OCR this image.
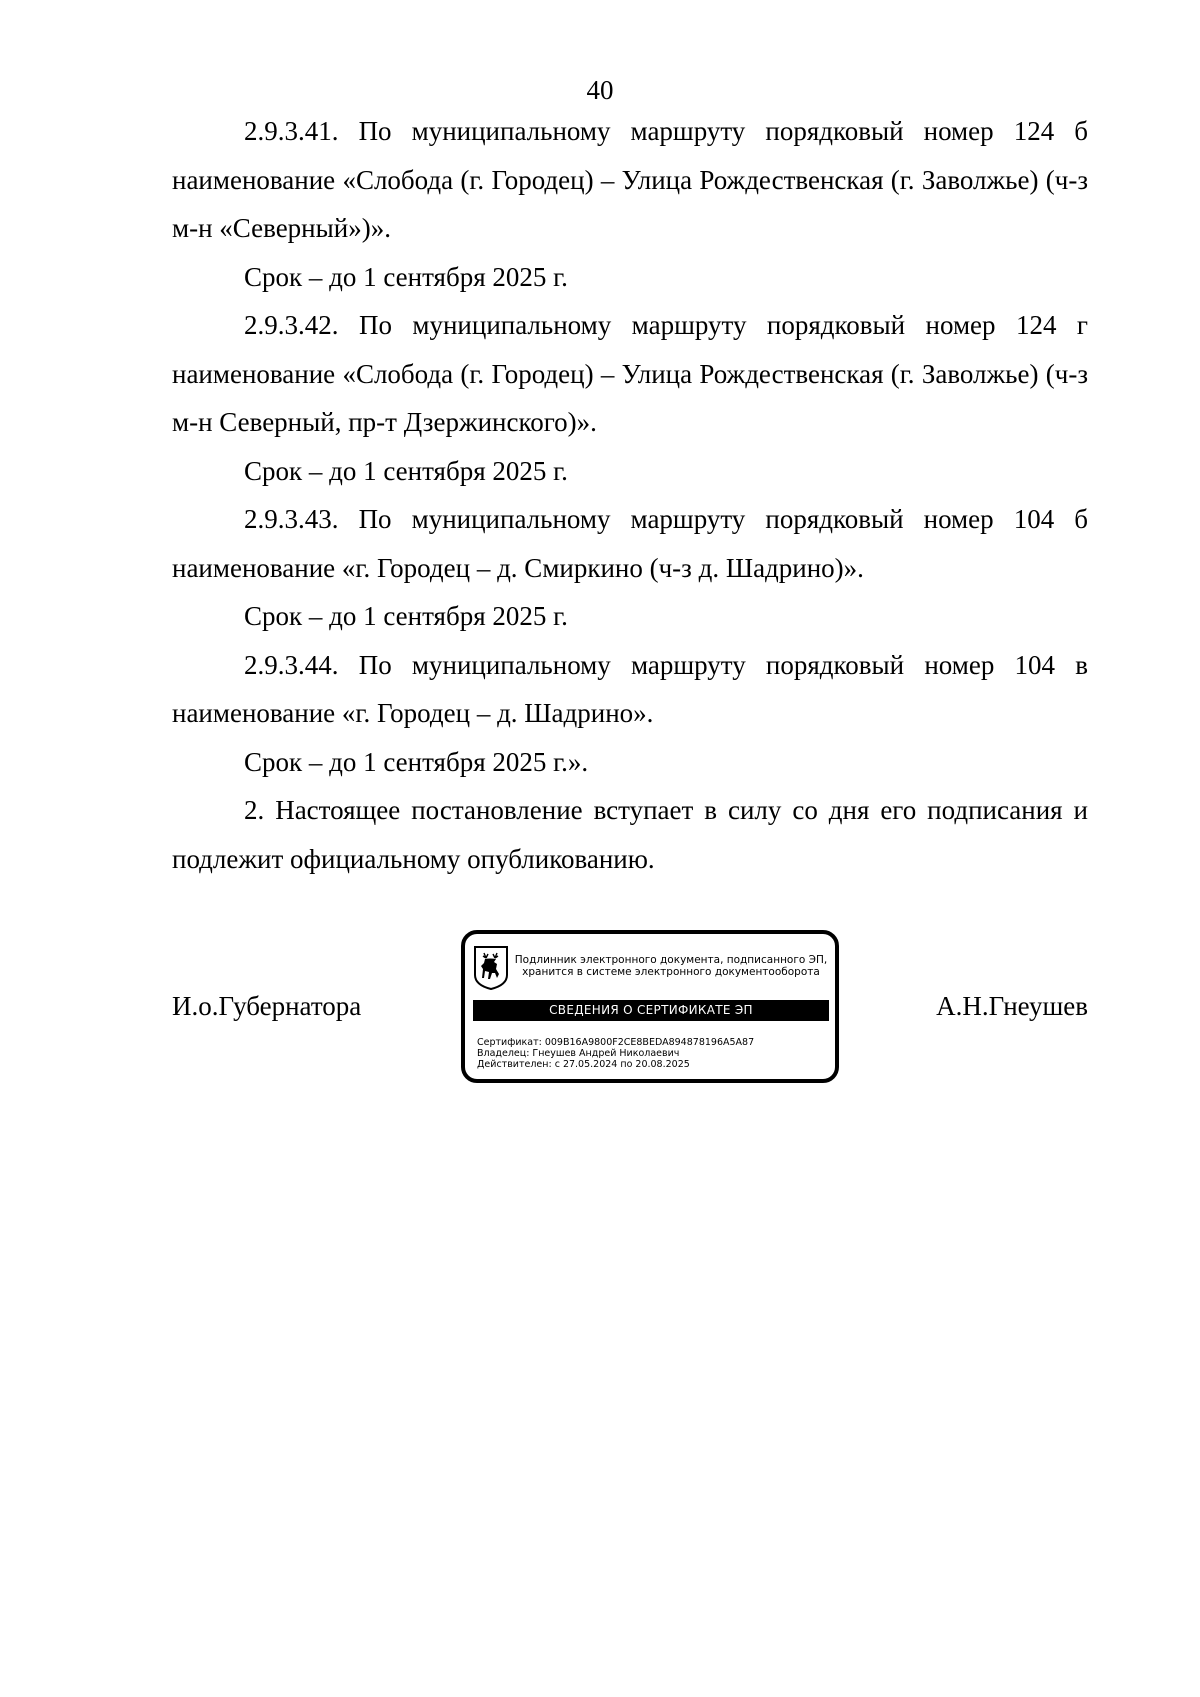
40

2.9.3.41. По муниципальному маршруту порядковый номер 124 б наименование «Слобода (г. Городец) – Улица Рождественская (г. Заволжье) (ч-з м-н «Северный»)».

Срок – до 1 сентября 2025 г.

2.9.3.42. По муниципальному маршруту порядковый номер 124 г наименование «Слобода (г. Городец) – Улица Рождественская (г. Заволжье) (ч-з м-н Северный, пр-т Дзержинского)».

Срок – до 1 сентября 2025 г.

2.9.3.43. По муниципальному маршруту порядковый номер 104 б наименование «г. Городец – д. Смиркино (ч-з д. Шадрино)».

Срок – до 1 сентября 2025 г.

2.9.3.44. По муниципальному маршруту порядковый номер 104 в наименование «г. Городец – д. Шадрино».

Срок – до 1 сентября 2025 г.».

2. Настоящее постановление вступает в силу со дня его подписания и подлежит официальному опубликованию.

И.о.Губернатора
Подлинник электронного документа, подписанного ЭП,
хранится в системе электронного документооборота
СВЕДЕНИЯ О СЕРТИФИКАТЕ ЭП
Сертификат: 009B16A9800F2CE8BEDA894878196A5A87
Владелец: Гнеушев Андрей Николаевич
Действителен: с 27.05.2024 по 20.08.2025
А.Н.Гнеушев
